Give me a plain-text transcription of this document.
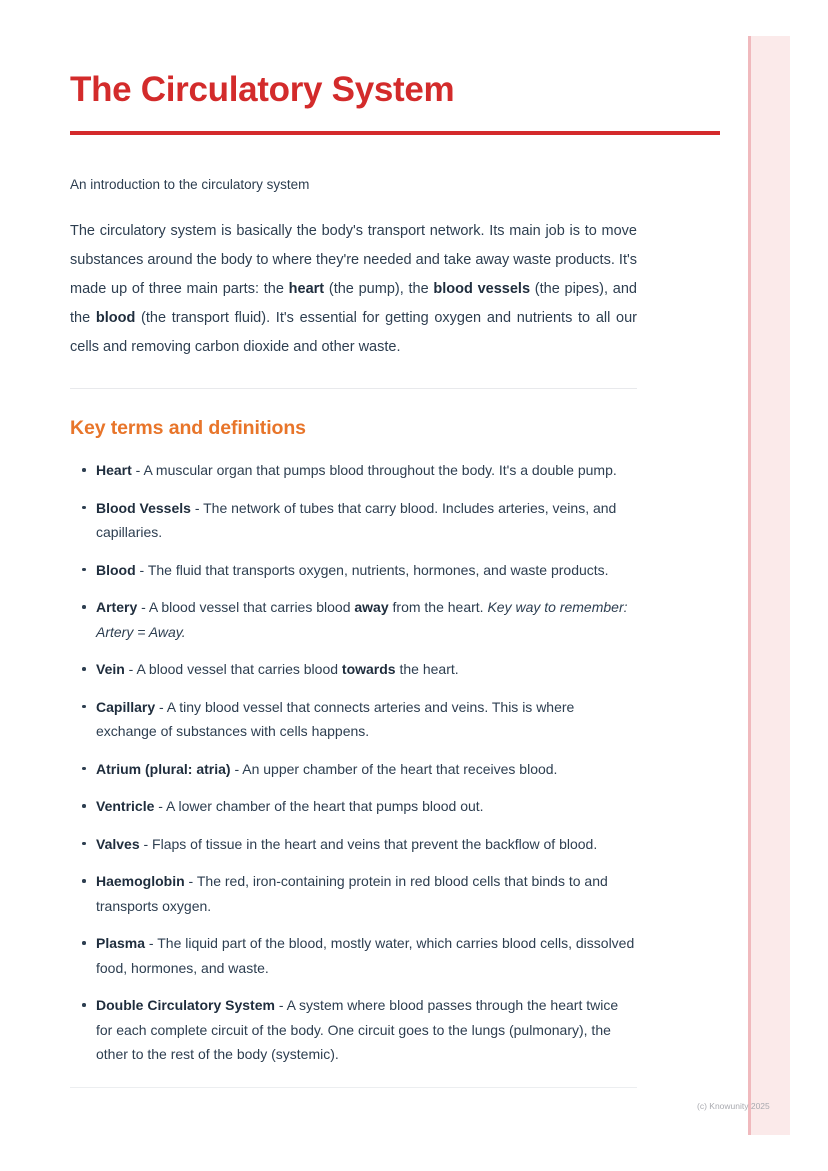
The Circulatory System
An introduction to the circulatory system

The circulatory system is basically the body's transport network. Its main job is to move substances around the body to where they're needed and take away waste products. It's made up of three main parts: the heart (the pump), the blood vessels (the pipes), and the blood (the transport fluid). It's essential for getting oxygen and nutrients to all our cells and removing carbon dioxide and other waste.

Key terms and definitions
Heart - A muscular organ that pumps blood throughout the body. It's a double pump.
Blood Vessels - The network of tubes that carry blood. Includes arteries, veins, and capillaries.
Blood - The fluid that transports oxygen, nutrients, hormones, and waste products.
Artery - A blood vessel that carries blood away from the heart. Key way to remember: Artery = Away.
Vein - A blood vessel that carries blood towards the heart.
Capillary - A tiny blood vessel that connects arteries and veins. This is where exchange of substances with cells happens.
Atrium (plural: atria) - An upper chamber of the heart that receives blood.
Ventricle - A lower chamber of the heart that pumps blood out.
Valves - Flaps of tissue in the heart and veins that prevent the backflow of blood.
Haemoglobin - The red, iron-containing protein in red blood cells that binds to and transports oxygen.
Plasma - The liquid part of the blood, mostly water, which carries blood cells, dissolved food, hormones, and waste.
Double Circulatory System - A system where blood passes through the heart twice for each complete circuit of the body. One circuit goes to the lungs (pulmonary), the other to the rest of the body (systemic).
(c) Knowunity 2025
